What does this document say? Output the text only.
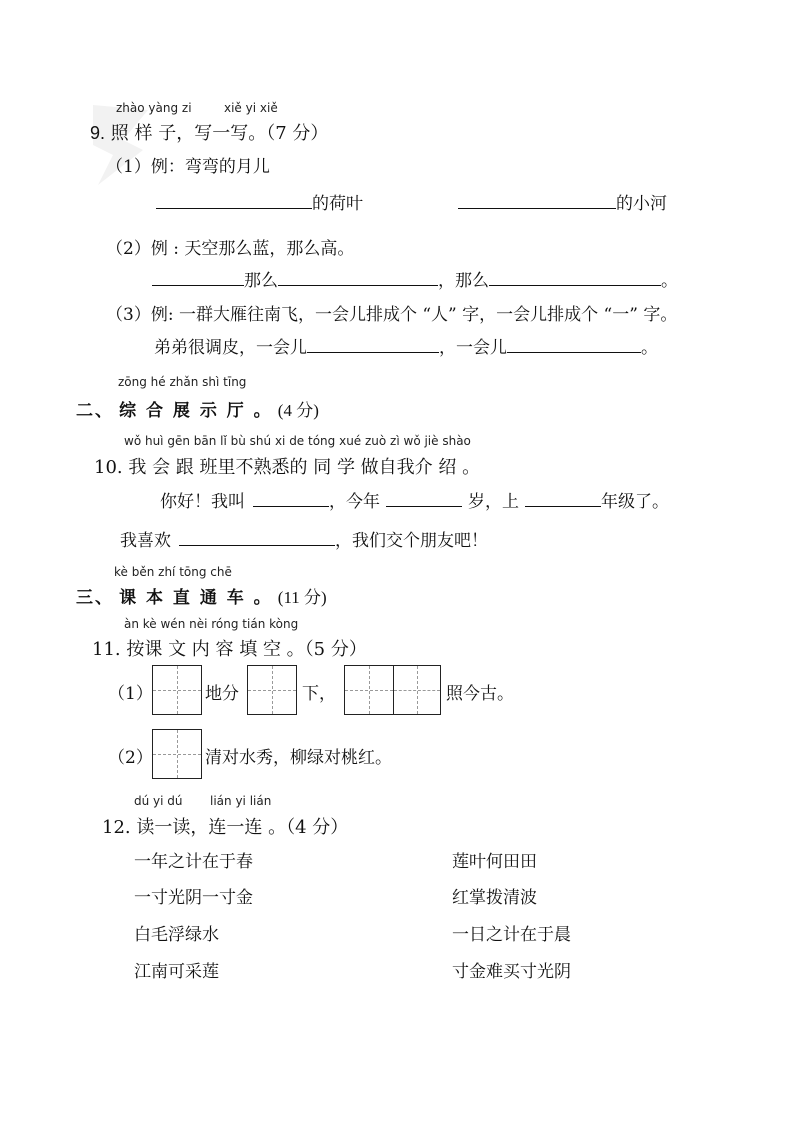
zhào yàng zi	xiě yi xiě
9. 照 样 子，写一写。（7 分）
（1）例：弯弯的月儿
的荷叶	的小河
（2）例 : 天空那么蓝，那么高。
那么	，那么	。
（3）例: 一群大雁往南飞，一会儿排成个 “人” 字，一会儿排成个 “一” 字。
弟弟很调皮，一会儿	，一会儿	。
zōng hé zhǎn shì tīng
二、 综 合 展 示 厅 。 (4 分)
wǒ huì gēn bān lǐ bù shú xi de tóng xué zuò zì wǒ jiè shào
10. 我 会 跟 班里不熟悉的 同 学 做自我介 绍 。
你好！我叫	，今年	岁，上	年级了。
我喜欢	，我们交个朋友吧！
kè běn zhí tōng chē
三、 课 本 直 通 车 。 (11 分)
àn kè wén nèi róng tián kòng
11. 按课 文 内 容 填 空 。（5 分）
（1）	地分	下，	照今古。
（2）	清对水秀，柳绿对桃红。
dú yi dú lián yi lián
12. 读一读，连一连 。（4 分）
一年之计在于春
一寸光阴一寸金
白毛浮绿水
江南可采莲
莲叶何田田
红掌拨清波
一日之计在于晨
寸金难买寸光阴
